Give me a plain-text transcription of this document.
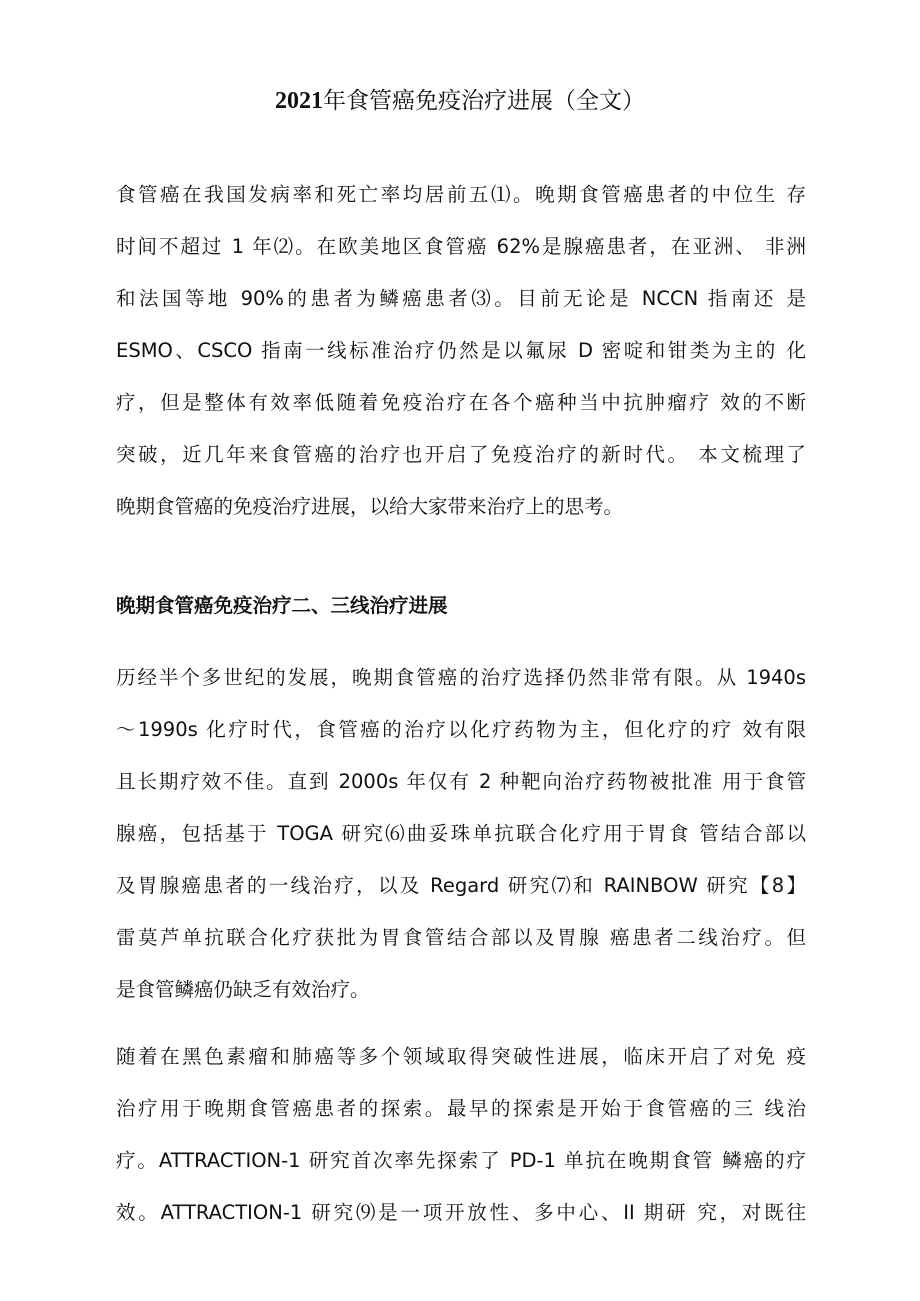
2021年食管癌免疫治疗进展（全文）
食管癌在我国发病率和死亡率均居前五⑴。晚期食管癌患者的中位生 存
时间不超过 1 年⑵。在欧美地区食管癌 62%是腺癌患者，在亚洲、 非洲
和法国等地 90%的患者为鳞癌患者⑶。目前无论是 NCCN 指南还 是
ESMO、CSCO 指南一线标准治疗仍然是以氟尿 D 密啶和钳类为主的 化
疗，但是整体有效率低随着免疫治疗在各个癌种当中抗肿瘤疗 效的不断
突破，近几年来食管癌的治疗也开启了免疫治疗的新时代。 本文梳理了
晚期食管癌的免疫治疗进展，以给大家带来治疗上的思考。
晚期食管癌免疫治疗二、三线治疗进展
历经半个多世纪的发展，晚期食管癌的治疗选择仍然非常有限。从 1940s
～1990s 化疗时代，食管癌的治疗以化疗药物为主，但化疗的疗 效有限
且长期疗效不佳。直到 2000s 年仅有 2 种靶向治疗药物被批准 用于食管
腺癌，包括基于 TOGA 研究⑹曲妥珠单抗联合化疗用于胃食 管结合部以
及胃腺癌患者的一线治疗，以及 Regard 研究⑺和 RAINBOW 研究【8】
雷莫芦单抗联合化疗获批为胃食管结合部以及胃腺 癌患者二线治疗。但
是食管鳞癌仍缺乏有效治疗。
随着在黑色素瘤和肺癌等多个领域取得突破性进展，临床开启了对免 疫
治疗用于晚期食管癌患者的探索。最早的探索是开始于食管癌的三 线治
疗。ATTRACTION-1 研究首次率先探索了 PD-1 单抗在晚期食管 鳞癌的疗
效。ATTRACTION-1 研究⑼是一项开放性、多中心、II 期研 究，对既往
